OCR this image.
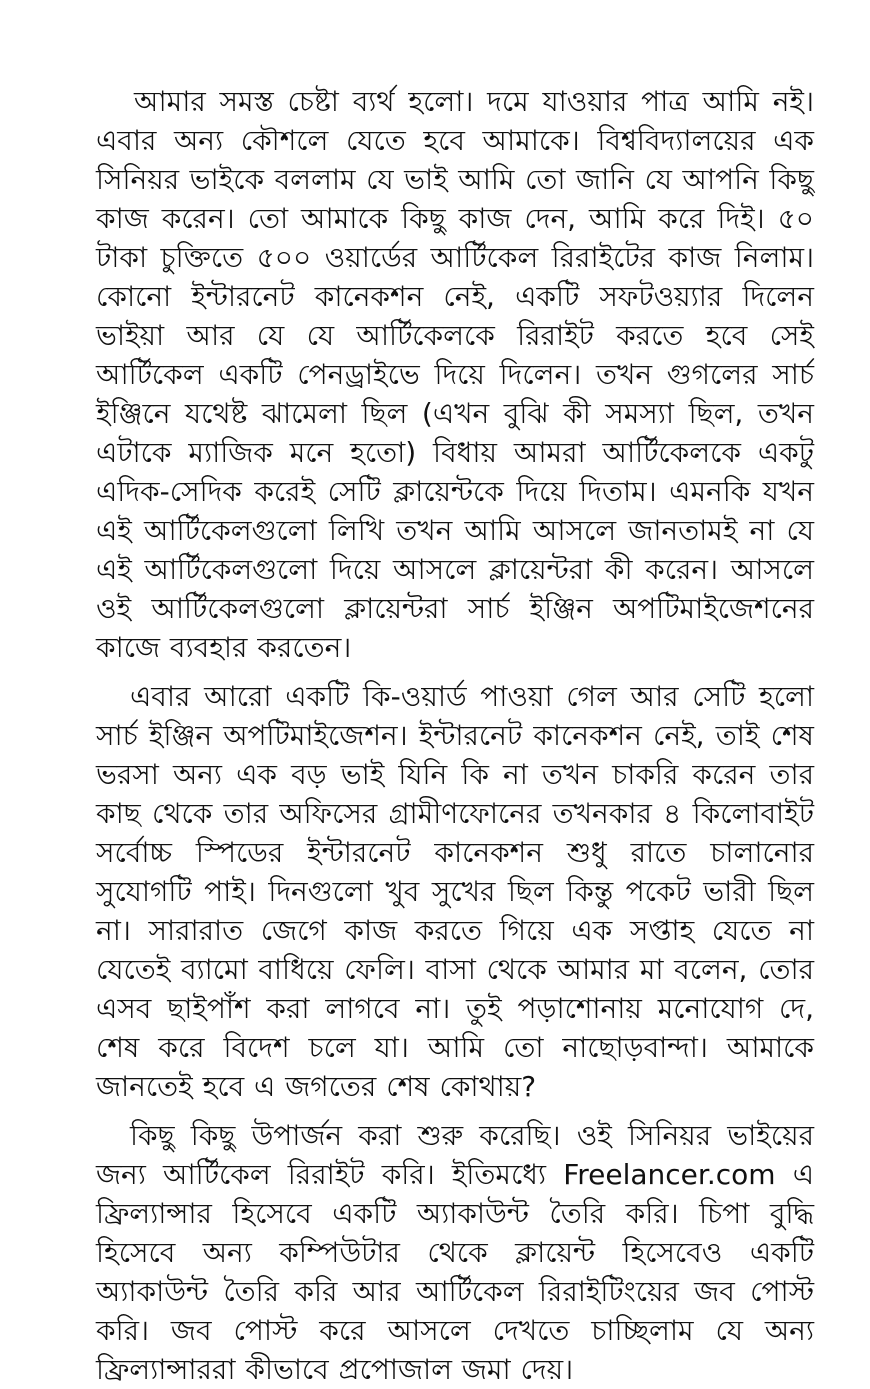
আমার সমস্ত চেষ্টা ব্যর্থ হলো। দমে যাওয়ার পাত্র আমি নই। এবার অন্য কৌশলে যেতে হবে আমাকে। বিশ্ববিদ্যালয়ের এক সিনিয়র ভাইকে বললাম যে ভাই আমি তো জানি যে আপনি কিছু কাজ করেন। তো আমাকে কিছু কাজ দেন, আমি করে দিই। ৫০ টাকা চুক্তিতে ৫০০ ওয়ার্ডের আর্টিকেল রিরাইটের কাজ নিলাম। কোনো ইন্টারনেট কানেকশন নেই, একটি সফটওয়্যার দিলেন ভাইয়া আর যে যে আর্টিকেলকে রিরাইট করতে হবে সেই আর্টিকেল একটি পেনড্রাইভে দিয়ে দিলেন। তখন গুগলের সার্চ ইঞ্জিনে যথেষ্ট ঝামেলা ছিল (এখন বুঝি কী সমস্যা ছিল, তখন এটাকে ম্যাজিক মনে হতো) বিধায় আমরা আর্টিকেলকে একটু এদিক-সেদিক করেই সেটি ক্লায়েন্টকে দিয়ে দিতাম। এমনকি যখন এই আর্টিকেলগুলো লিখি তখন আমি আসলে জানতামই না যে এই আর্টিকেলগুলো দিয়ে আসলে ক্লায়েন্টরা কী করেন। আসলে ওই আর্টিকেলগুলো ক্লায়েন্টরা সার্চ ইঞ্জিন অপটিমাইজেশনের কাজে ব্যবহার করতেন।

এবার আরো একটি কি-ওয়ার্ড পাওয়া গেল আর সেটি হলো সার্চ ইঞ্জিন অপটিমাইজেশন। ইন্টারনেট কানেকশন নেই, তাই শেষ ভরসা অন্য এক বড় ভাই যিনি কি না তখন চাকরি করেন তার কাছ থেকে তার অফিসের গ্রামীণফোনের তখনকার ৪ কিলোবাইট সর্বোচ্চ স্পিডের ইন্টারনেট কানেকশন শুধু রাতে চালানোর সুযোগটি পাই। দিনগুলো খুব সুখের ছিল কিন্তু পকেট ভারী ছিল না। সারারাত জেগে কাজ করতে গিয়ে এক সপ্তাহ যেতে না যেতেই ব্যামো বাধিয়ে ফেলি। বাসা থেকে আমার মা বলেন, তোর এসব ছাইপাঁশ করা লাগবে না। তুই পড়াশোনায় মনোযোগ দে, শেষ করে বিদেশ চলে যা। আমি তো নাছোড়বান্দা। আমাকে জানতেই হবে এ জগতের শেষ কোথায়?

কিছু কিছু উপার্জন করা শুরু করেছি। ওই সিনিয়র ভাইয়ের জন্য আর্টিকেল রিরাইট করি। ইতিমধ্যে Freelancer.com এ ফ্রিল্যান্সার হিসেবে একটি অ্যাকাউন্ট তৈরি করি। চিপা বুদ্ধি হিসেবে অন্য কম্পিউটার থেকে ক্লায়েন্ট হিসেবেও একটি অ্যাকাউন্ট তৈরি করি আর আর্টিকেল রিরাইটিংয়ের জব পোস্ট করি। জব পোস্ট করে আসলে দেখতে চাচ্ছিলাম যে অন্য ফ্রিল্যান্সাররা কীভাবে প্রপোজাল জমা দেয়।
